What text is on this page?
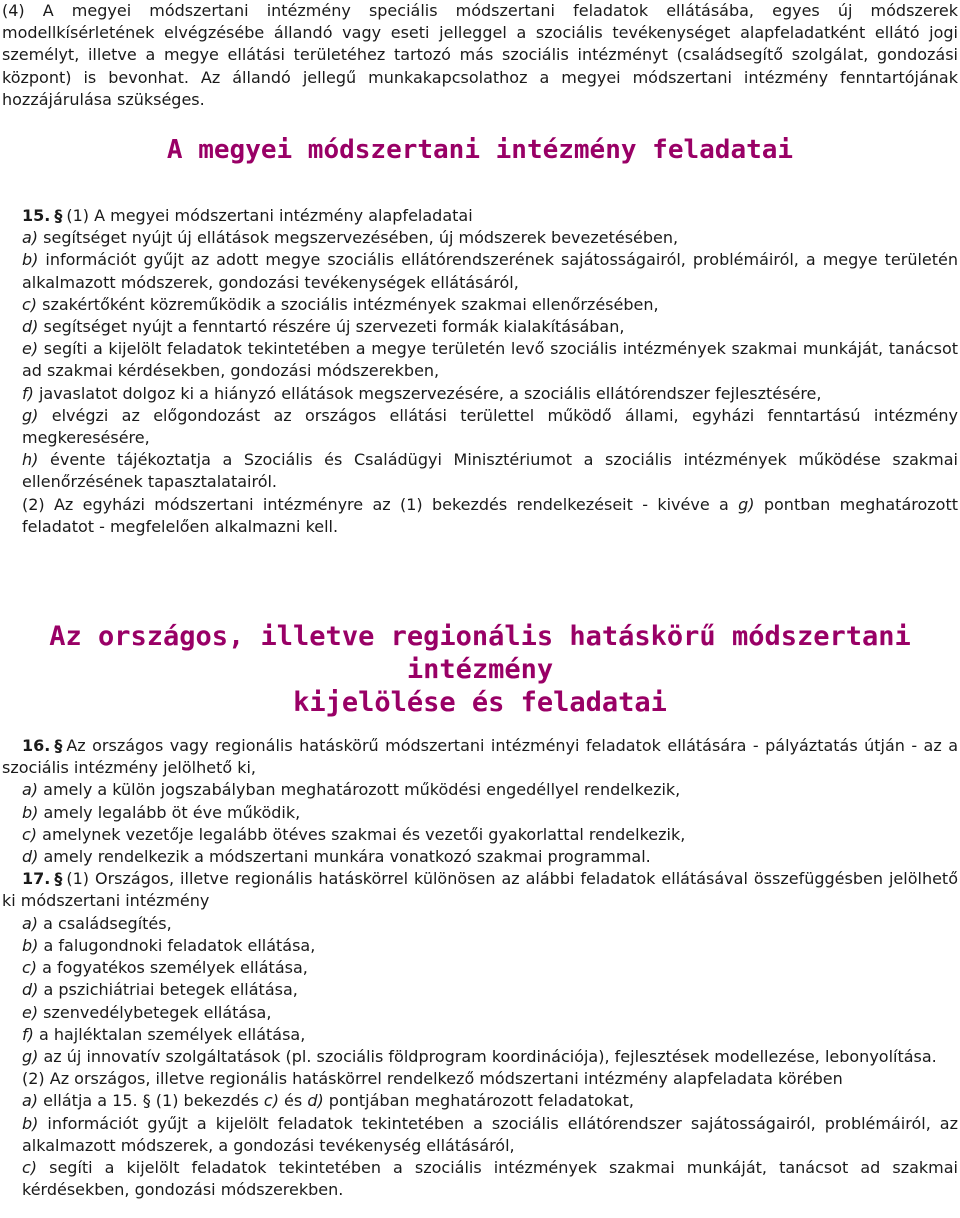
(4) A megyei módszertani intézmény speciális módszertani feladatok ellátásába, egyes új módszerek modellkísérletének elvégzésébe állandó vagy eseti jelleggel a szociális tevékenységet alapfeladatként ellátó jogi személyt, illetve a megye ellátási területéhez tartozó más szociális intézményt (családsegítő szolgálat, gondozási központ) is bevonhat. Az állandó jellegű munkakapcsolathoz a megyei módszertani intézmény fenntartójának hozzájárulása szükséges.

A megyei módszertani intézmény feladatai

15. § (1) A megyei módszertani intézmény alapfeladatai

a) segítséget nyújt új ellátások megszervezésében, új módszerek bevezetésében,

b) információt gyűjt az adott megye szociális ellátórendszerének sajátosságairól, problémáiról, a megye területén alkalmazott módszerek, gondozási tevékenységek ellátásáról,

c) szakértőként közreműködik a szociális intézmények szakmai ellenőrzésében,

d) segítséget nyújt a fenntartó részére új szervezeti formák kialakításában,

e) segíti a kijelölt feladatok tekintetében a megye területén levő szociális intézmények szakmai munkáját, tanácsot ad szakmai kérdésekben, gondozási módszerekben,

f) javaslatot dolgoz ki a hiányzó ellátások megszervezésére, a szociális ellátórendszer fejlesztésére,

g) elvégzi az előgondozást az országos ellátási területtel működő állami, egyházi fenntartású intézmény megkeresésére,

h) évente tájékoztatja a Szociális és Családügyi Minisztériumot a szociális intézmények működése szakmai ellenőrzésének tapasztalatairól.

(2) Az egyházi módszertani intézményre az (1) bekezdés rendelkezéseit - kivéve a g) pontban meghatározott feladatot - megfelelően alkalmazni kell.

Az országos, illetve regionális hatáskörű módszertani intézmény
kijelölése és feladatai

16. § Az országos vagy regionális hatáskörű módszertani intézményi feladatok ellátására - pályáztatás útján - az a szociális intézmény jelölhető ki,

a) amely a külön jogszabályban meghatározott működési engedéllyel rendelkezik,

b) amely legalább öt éve működik,

c) amelynek vezetője legalább ötéves szakmai és vezetői gyakorlattal rendelkezik,

d) amely rendelkezik a módszertani munkára vonatkozó szakmai programmal.

17. § (1) Országos, illetve regionális hatáskörrel különösen az alábbi feladatok ellátásával összefüggésben jelölhető ki módszertani intézmény

a) a családsegítés,

b) a falugondnoki feladatok ellátása,

c) a fogyatékos személyek ellátása,

d) a pszichiátriai betegek ellátása,

e) szenvedélybetegek ellátása,

f) a hajléktalan személyek ellátása,

g) az új innovatív szolgáltatások (pl. szociális földprogram koordinációja), fejlesztések modellezése, lebonyolítása.

(2) Az országos, illetve regionális hatáskörrel rendelkező módszertani intézmény alapfeladata körében

a) ellátja a 15. § (1) bekezdés c) és d) pontjában meghatározott feladatokat,

b) információt gyűjt a kijelölt feladatok tekintetében a szociális ellátórendszer sajátosságairól, problémáiról, az alkalmazott módszerek, a gondozási tevékenység ellátásáról,

c) segíti a kijelölt feladatok tekintetében a szociális intézmények szakmai munkáját, tanácsot ad szakmai kérdésekben, gondozási módszerekben.
